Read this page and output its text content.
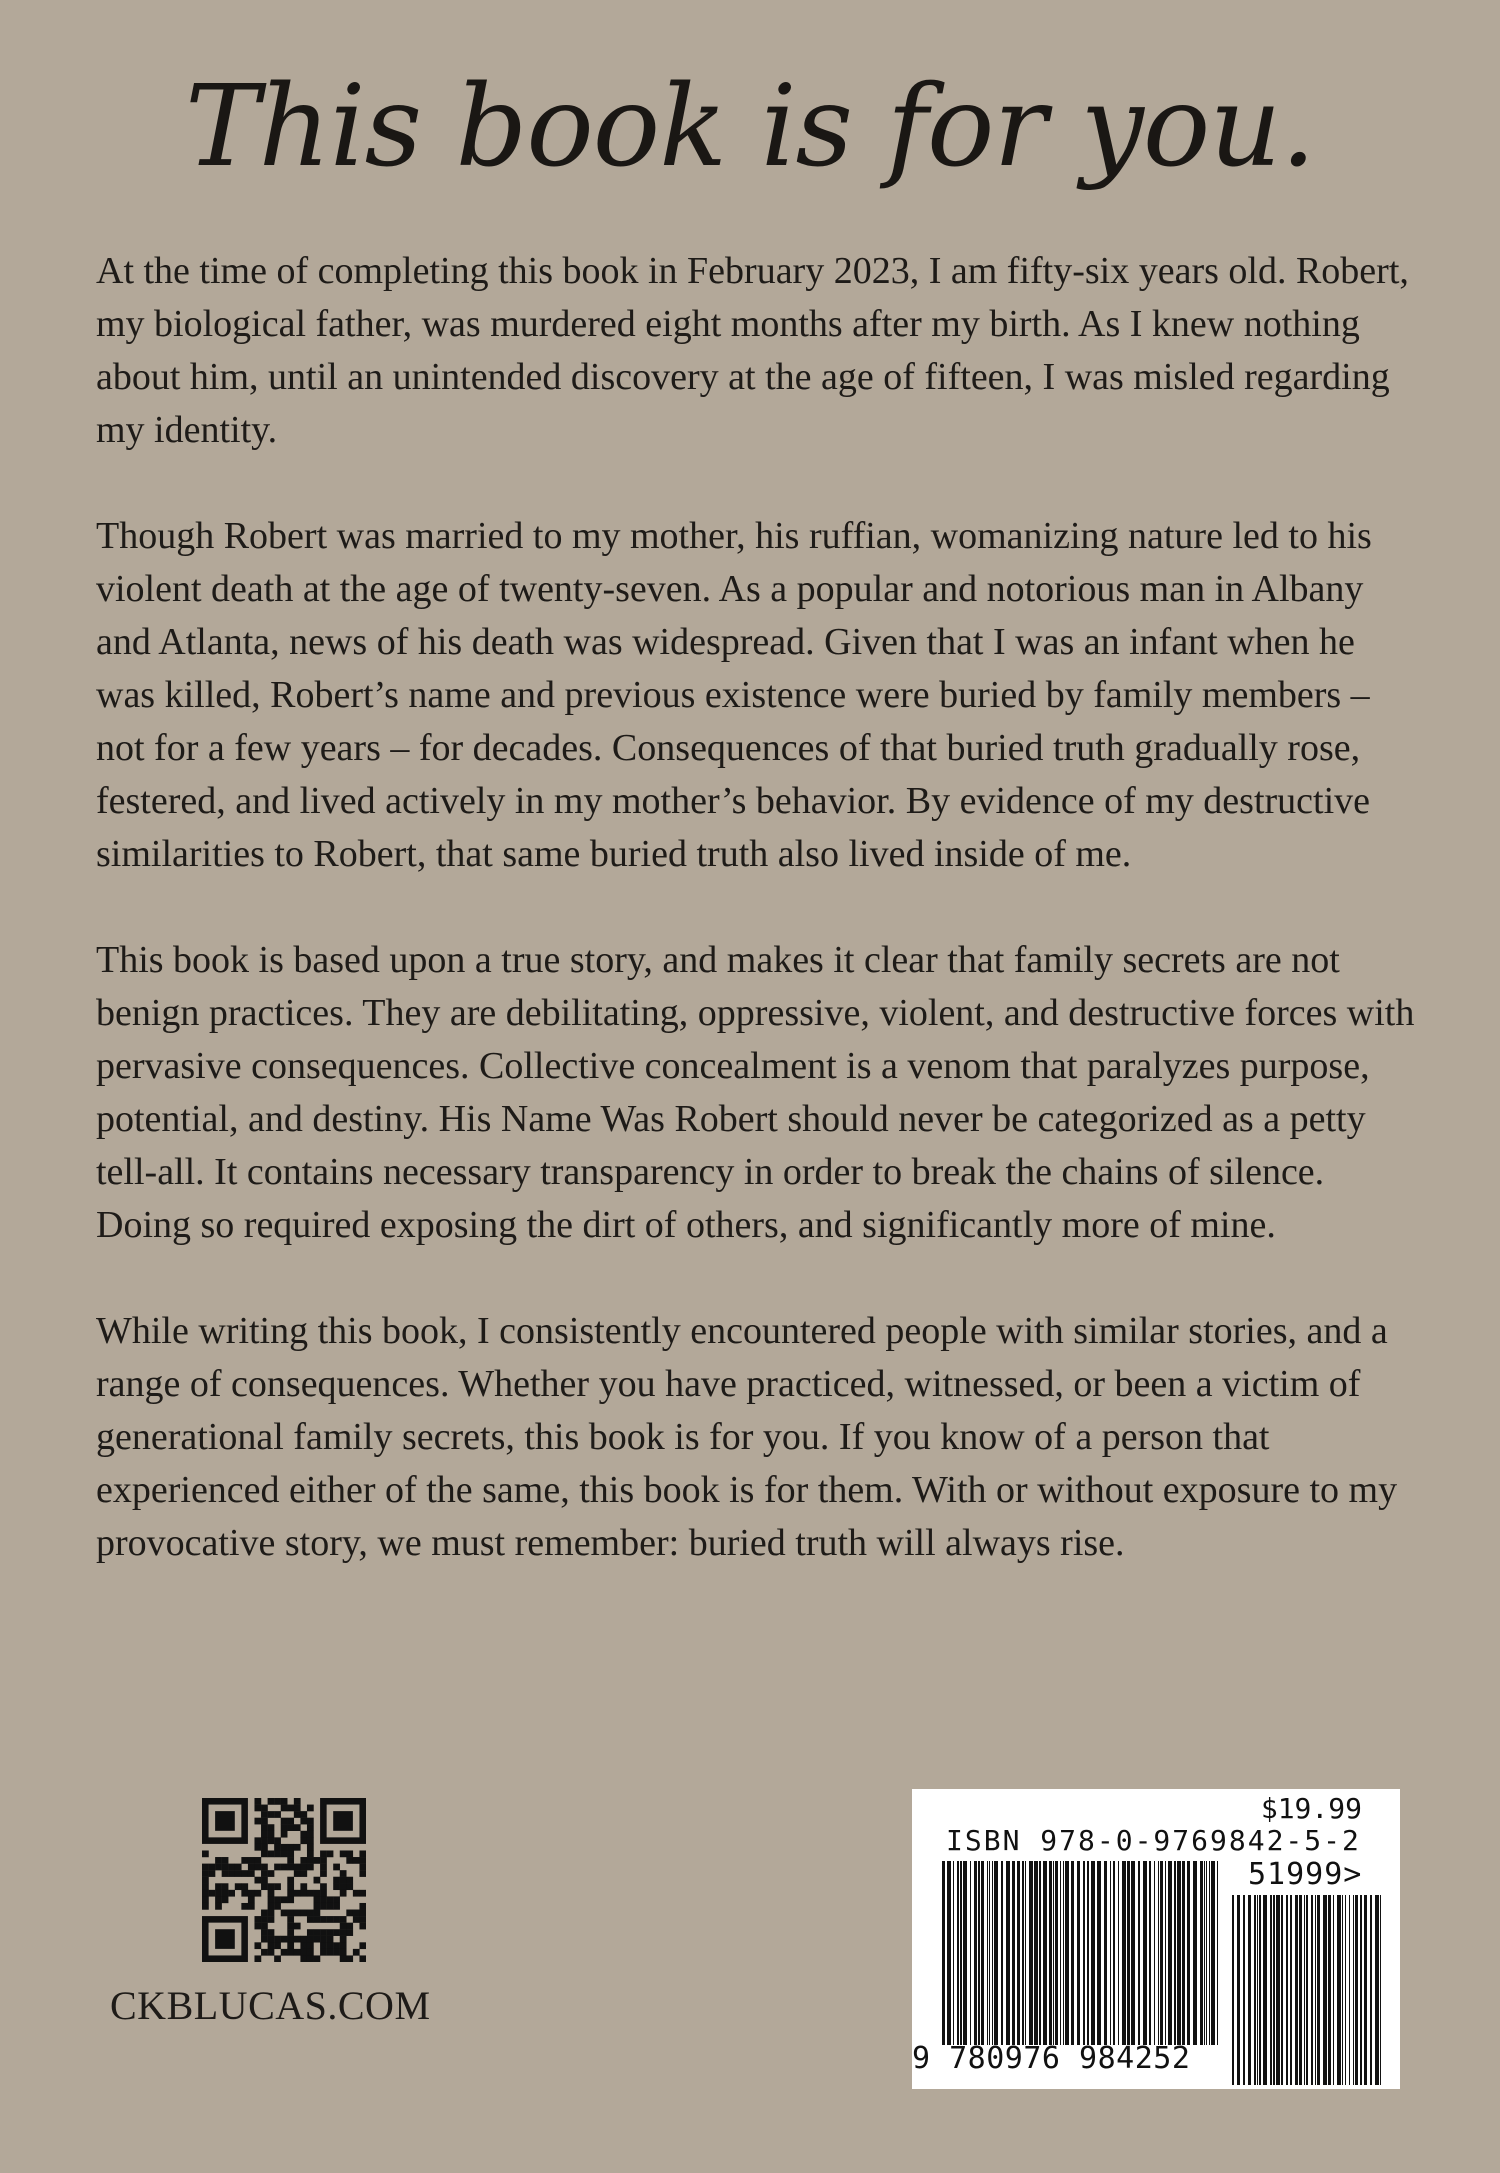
This book is for you.

At the time of completing this book in February 2023, I am fifty-six years old. Robert, my biological father, was murdered eight months after my birth. As I knew nothing about him, until an unintended discovery at the age of fifteen, I was misled regarding my identity.

Though Robert was married to my mother, his ruffian, womanizing nature led to his violent death at the age of twenty-seven. As a popular and notorious man in Albany and Atlanta, news of his death was widespread. Given that I was an infant when he was killed, Robert’s name and previous existence were buried by family members – not for a few years – for decades. Consequences of that buried truth gradually rose, festered, and lived actively in my mother’s behavior. By evidence of my destructive similarities to Robert, that same buried truth also lived inside of me.

This book is based upon a true story, and makes it clear that family secrets are not benign practices. They are debilitating, oppressive, violent, and destructive forces with pervasive consequences. Collective concealment is a venom that paralyzes purpose, potential, and destiny. His Name Was Robert should never be categorized as a petty tell-all. It contains necessary transparency in order to break the chains of silence. Doing so required exposing the dirt of others, and significantly more of mine.

While writing this book, I consistently encountered people with similar stories, and a range of consequences. Whether you have practiced, witnessed, or been a victim of generational family secrets, this book is for you. If you know of a person that experienced either of the same, this book is for them. With or without exposure to my provocative story, we must remember: buried truth will always rise.

CKBLUCAS.COM
$19.99
ISBN 978-0-9769842-5-2
51999>
9 780976 984252
